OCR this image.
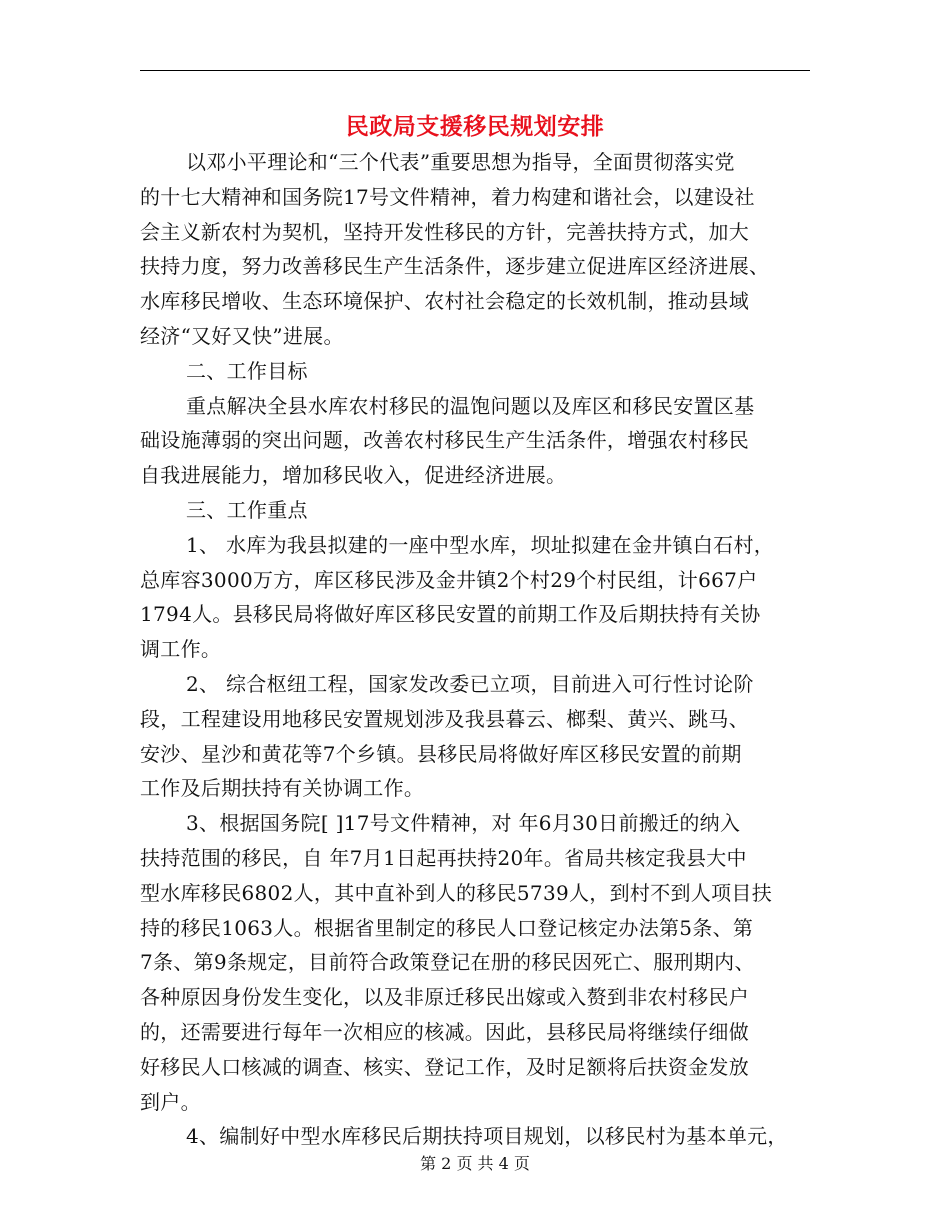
民政局支援移民规划安排
以邓小平理论和“三个代表”重要思想为指导，全面贯彻落实党
的十七大精神和国务院17号文件精神，着力构建和谐社会，以建设社
会主义新农村为契机，坚持开发性移民的方针，完善扶持方式，加大
扶持力度，努力改善移民生产生活条件，逐步建立促进库区经济进展、
水库移民增收、生态环境保护、农村社会稳定的长效机制，推动县域
经济“又好又快”进展。
二、工作目标
重点解决全县水库农村移民的温饱问题以及库区和移民安置区基
础设施薄弱的突出问题，改善农村移民生产生活条件，增强农村移民
自我进展能力，增加移民收入，促进经济进展。
三、工作重点
1、 水库为我县拟建的一座中型水库，坝址拟建在金井镇白石村，
总库容3000万方，库区移民涉及金井镇2个村29个村民组，计667户
1794人。县移民局将做好库区移民安置的前期工作及后期扶持有关协
调工作。
2、 综合枢纽工程，国家发改委已立项，目前进入可行性讨论阶
段，工程建设用地移民安置规划涉及我县暮云、榔梨、黄兴、跳马、
安沙、星沙和黄花等7个乡镇。县移民局将做好库区移民安置的前期
工作及后期扶持有关协调工作。
3、根据国务院[ ]17号文件精神，对 年6月30日前搬迁的纳入
扶持范围的移民，自 年7月1日起再扶持20年。省局共核定我县大中
型水库移民6802人，其中直补到人的移民5739人，到村不到人项目扶
持的移民1063人。根据省里制定的移民人口登记核定办法第5条、第
7条、第9条规定，目前符合政策登记在册的移民因死亡、服刑期内、
各种原因身份发生变化，以及非原迁移民出嫁或入赘到非农村移民户
的，还需要进行每年一次相应的核减。因此，县移民局将继续仔细做
好移民人口核减的调查、核实、登记工作，及时足额将后扶资金发放
到户。
4、编制好中型水库移民后期扶持项目规划，以移民村为基本单元，
第 2 页 共 4 页
